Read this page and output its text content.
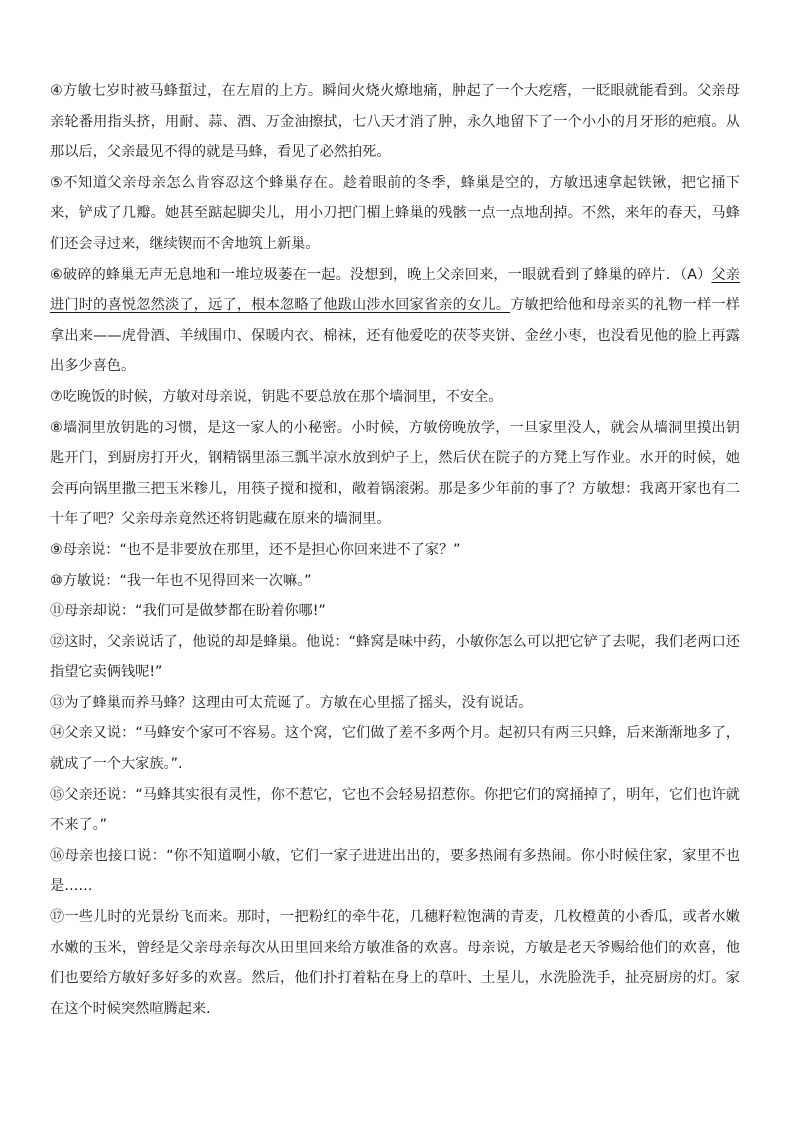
④方敏七岁时被马蜂蜇过，在左眉的上方。瞬间火烧火燎地痛，肿起了一个大疙瘩，一眨眼就能看到。父亲母亲轮番用指头挤，用耐、蒜、酒、万金油擦拭，七八天才消了肿，永久地留下了一个小小的月牙形的疤痕。从那以后，父亲最见不得的就是马蜂，看见了必然拍死。

⑤不知道父亲母亲怎么肯容忍这个蜂巢存在。趁着眼前的冬季，蜂巢是空的，方敏迅速拿起铁锹，把它捅下来，铲成了几瓣。她甚至踮起脚尖儿，用小刀把门楣上蜂巢的残骸一点一点地刮掉。不然，来年的春天，马蜂们还会寻过来，继续锲而不舍地筑上新巢。

⑥破碎的蜂巢无声无息地和一堆垃圾萎在一起。没想到，晚上父亲回来，一眼就看到了蜂巢的碎片．（A）父亲进门时的喜悦忽然淡了，远了，根本忽略了他跋山涉水回家省亲的女儿。方敏把给他和母亲买的礼物一样一样拿出来——虎骨酒、羊绒围巾、保暖内衣、棉袜，还有他爱吃的茯苓夹饼、金丝小枣，也没看见他的脸上再露出多少喜色。

⑦吃晚饭的时候，方敏对母亲说，钥匙不要总放在那个墙洞里，不安全。

⑧墙洞里放钥匙的习惯，是这一家人的小秘密。小时候，方敏傍晚放学，一旦家里没人，就会从墙洞里摸出钥匙开门，到厨房打开火，钢精锅里添三瓢半凉水放到炉子上，然后伏在院子的方凳上写作业。水开的时候，她会再向锅里撒三把玉米糁儿，用筷子搅和搅和，敞着锅滚粥。那是多少年前的事了？方敏想：我离开家也有二十年了吧？父亲母亲竟然还将钥匙藏在原来的墙洞里。

⑨母亲说：“也不是非要放在那里，还不是担心你回来进不了家？”

⑩方敏说：“我一年也不见得回来一次嘛。”

⑪母亲却说：“我们可是做梦都在盼着你哪!”

⑫这时，父亲说话了，他说的却是蜂巢。他说：“蜂窝是味中药，小敏你怎么可以把它铲了去呢，我们老两口还指望它卖俩钱呢!”

⑬为了蜂巢而养马蜂？这理由可太荒诞了。方敏在心里摇了摇头，没有说话。

⑭父亲又说：“马蜂安个家可不容易。这个窝，它们做了差不多两个月。起初只有两三只蜂，后来渐渐地多了，就成了一个大家族。”.

⑮父亲还说：“马蜂其实很有灵性，你不惹它，它也不会轻易招惹你。你把它们的窝捅掉了，明年，它们也许就不来了。”

⑯母亲也接口说：“你不知道啊小敏，它们一家子进进出出的，要多热闹有多热闹。你小时候住家，家里不也是……

⑰一些儿时的光景纷飞而来。那时，一把粉红的牵牛花，几穗籽粒饱满的青麦，几枚橙黄的小香瓜，或者水嫩水嫩的玉米，曾经是父亲母亲每次从田里回来给方敏准备的欢喜。母亲说，方敏是老天爷赐给他们的欢喜，他们也要给方敏好多好多的欢喜。然后，他们扑打着粘在身上的草叶、土星儿，水洗脸洗手，扯亮厨房的灯。家在这个时候突然喧腾起来.
